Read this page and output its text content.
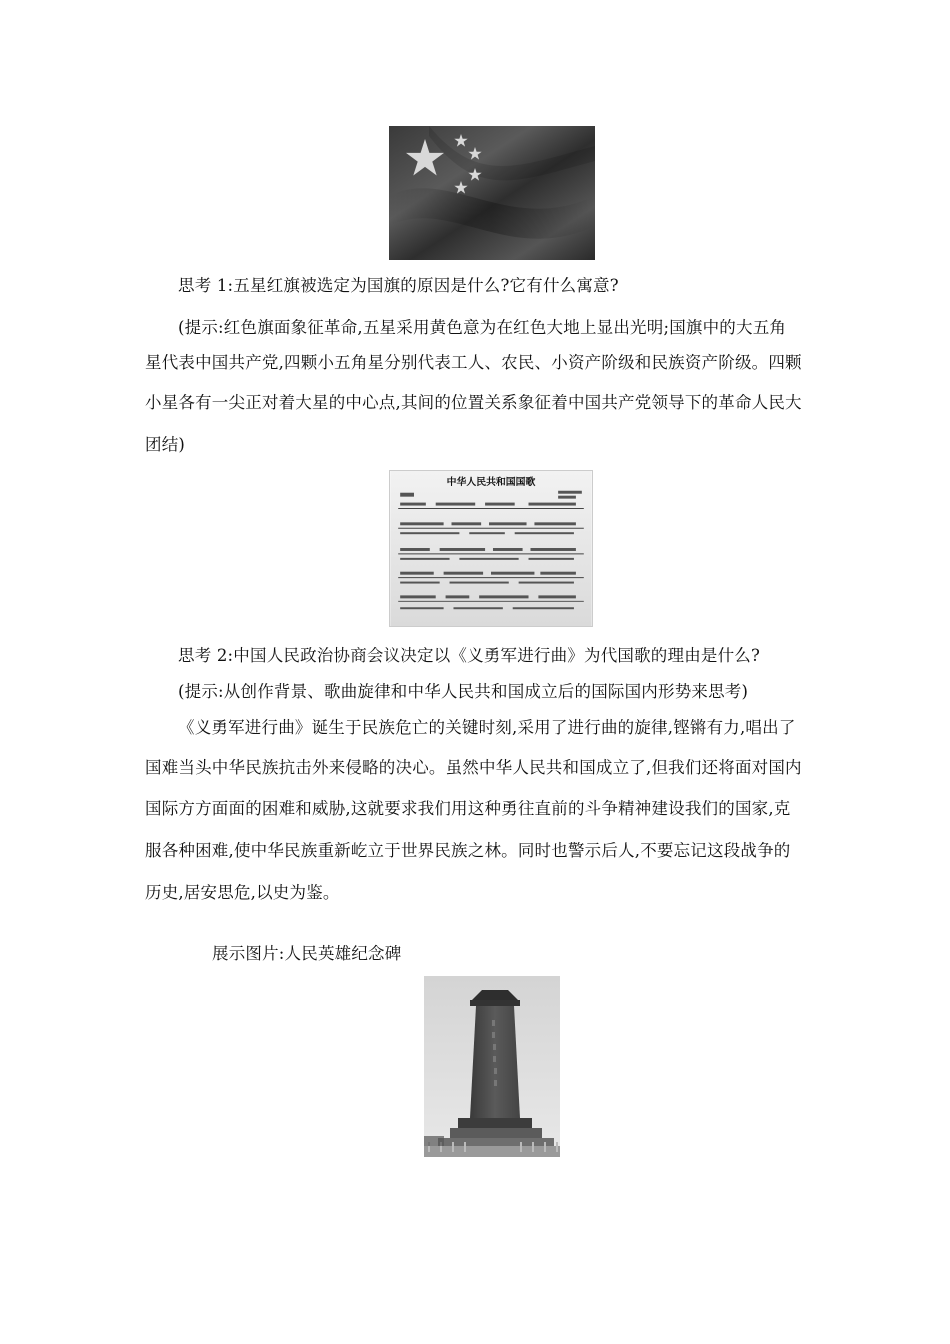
思考 1:五星红旗被选定为国旗的原因是什么?它有什么寓意?
(提示:红色旗面象征革命,五星采用黄色意为在红色大地上显出光明;国旗中的大五角
星代表中国共产党,四颗小五角星分别代表工人、农民、小资产阶级和民族资产阶级。四颗
小星各有一尖正对着大星的中心点,其间的位置关系象征着中国共产党领导下的革命人民大
团结)
中华人民共和国国歌
思考 2:中国人民政治协商会议决定以《义勇军进行曲》为代国歌的理由是什么?
(提示:从创作背景、歌曲旋律和中华人民共和国成立后的国际国内形势来思考)
《义勇军进行曲》诞生于民族危亡的关键时刻,采用了进行曲的旋律,铿锵有力,唱出了
国难当头中华民族抗击外来侵略的决心。虽然中华人民共和国成立了,但我们还将面对国内
国际方方面面的困难和威胁,这就要求我们用这种勇往直前的斗争精神建设我们的国家,克
服各种困难,使中华民族重新屹立于世界民族之林。同时也警示后人,不要忘记这段战争的
历史,居安思危,以史为鉴。
展示图片:人民英雄纪念碑
